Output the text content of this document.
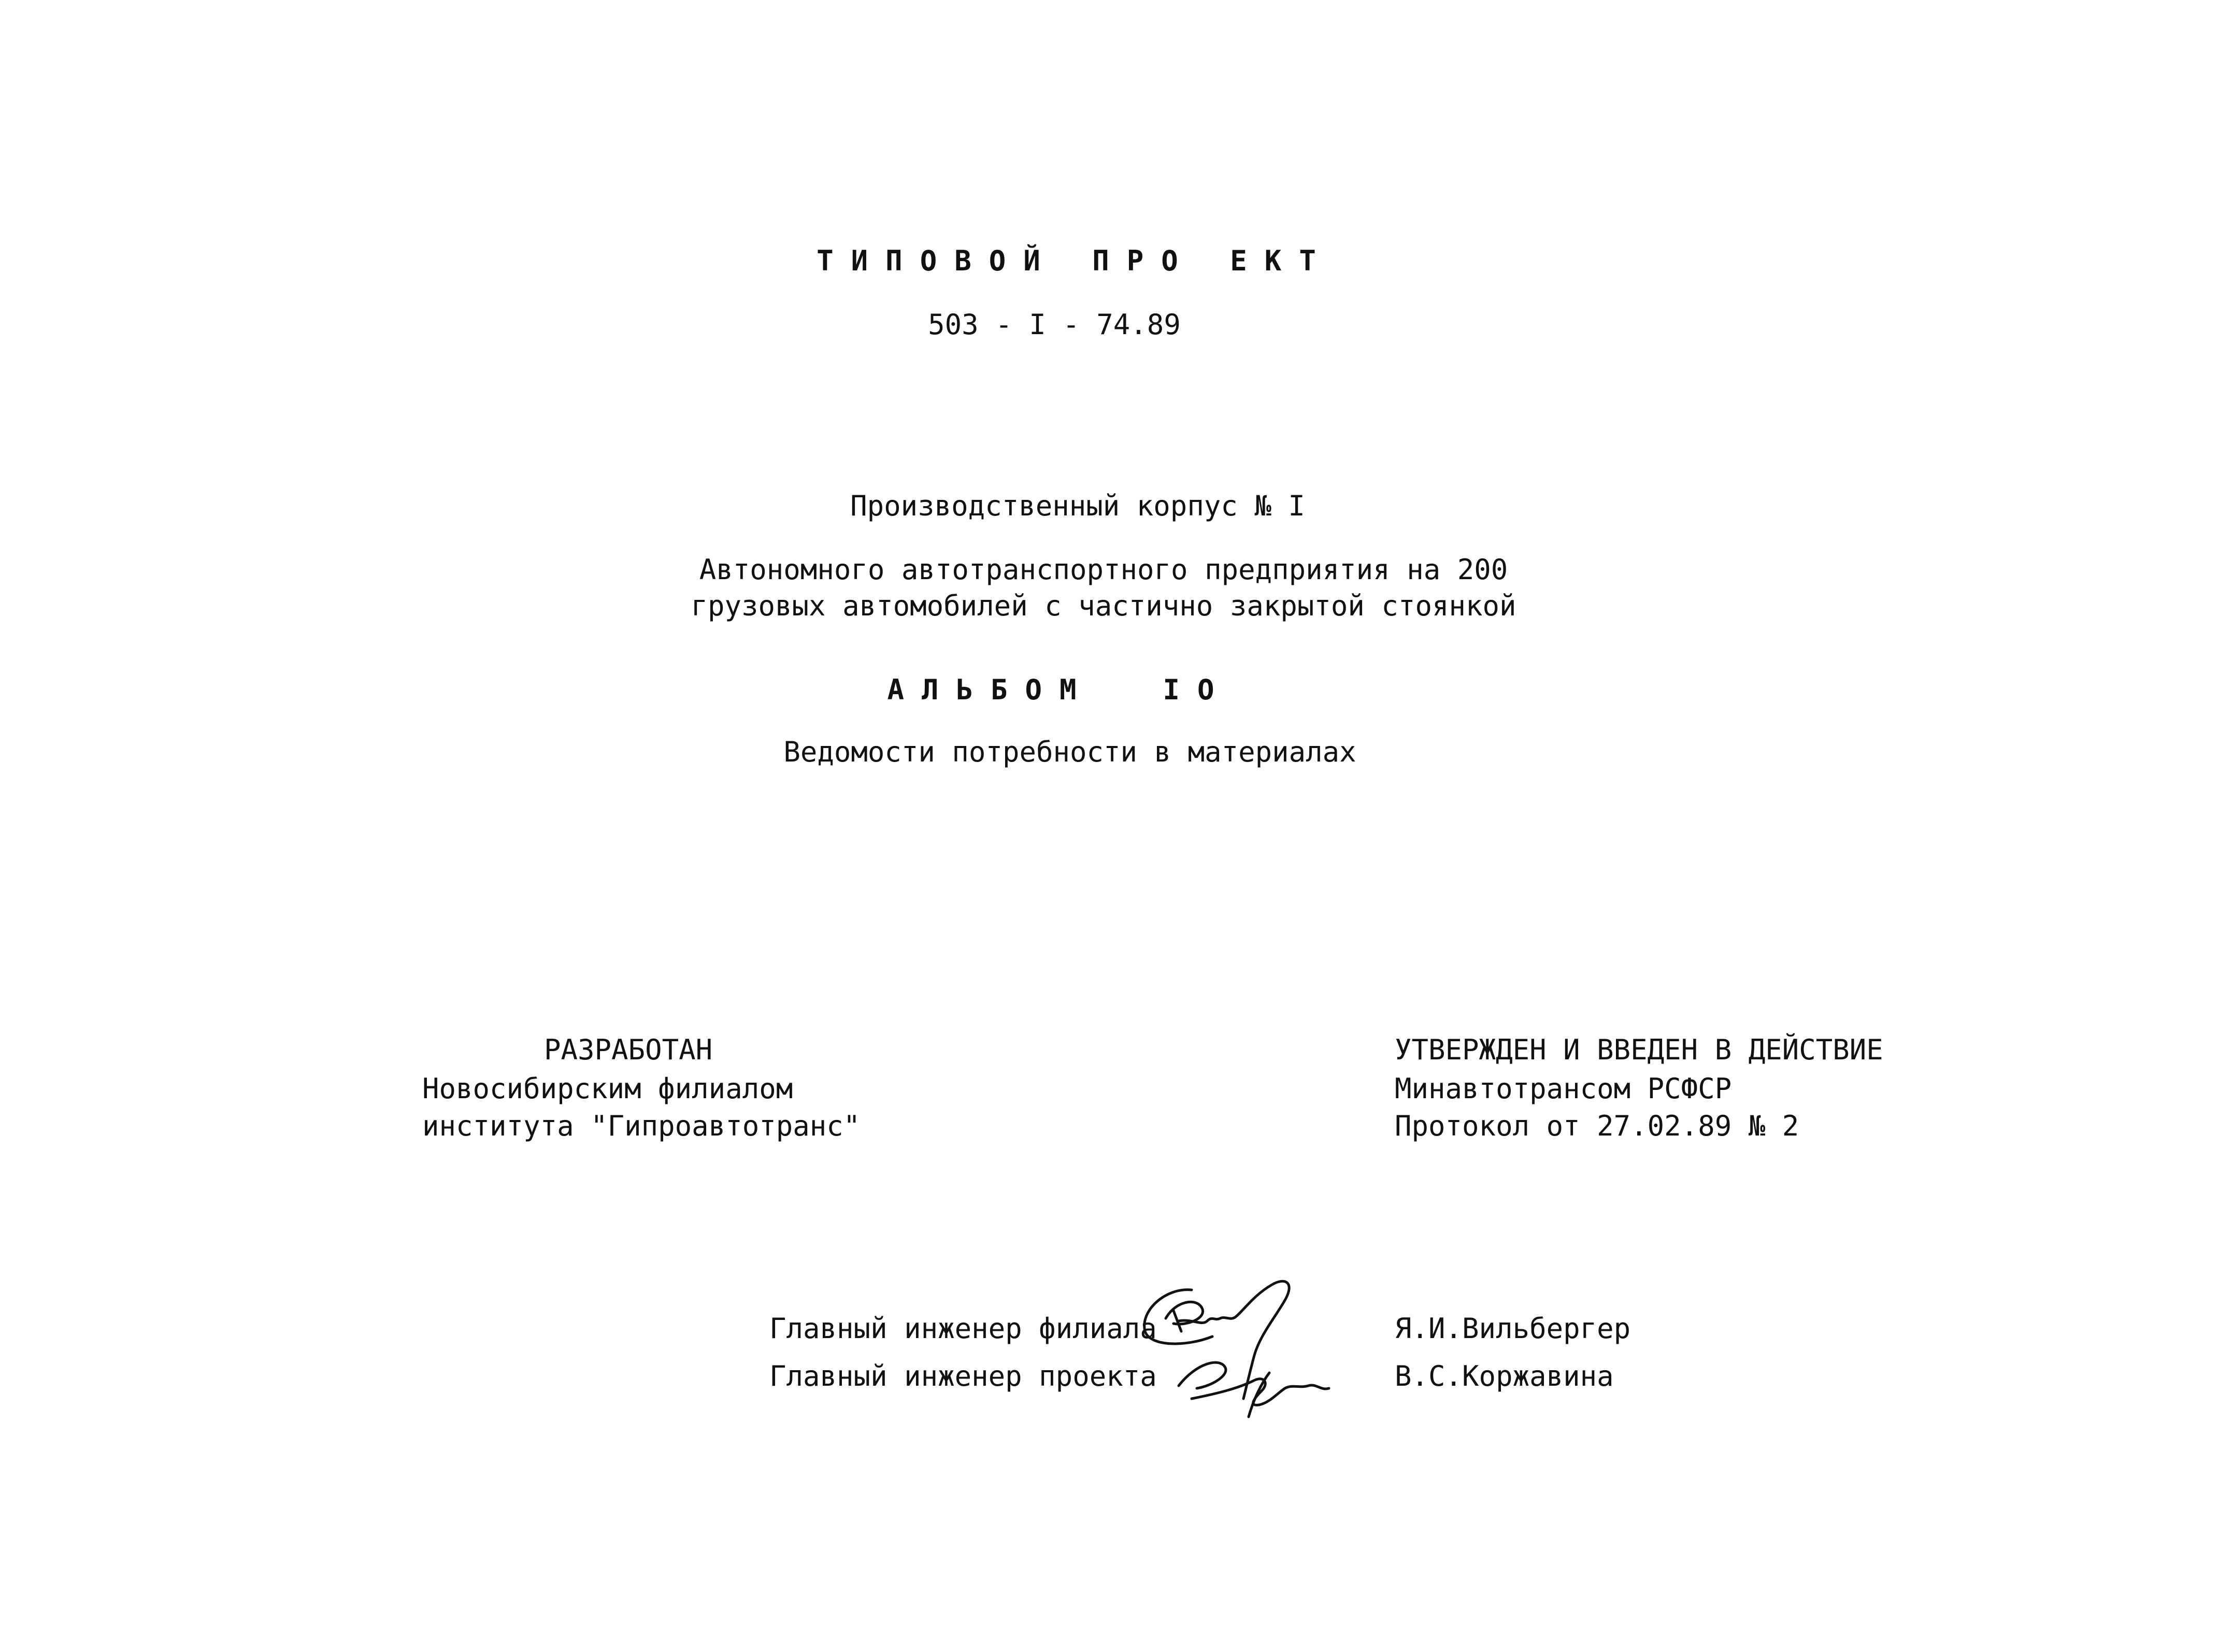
ТИПОВОЙ ПРО ЕКТ
503 - I - 74.89
Производственный корпус № I
Автономного автотранспортного предприятия на 200
грузовых автомобилей с частично закрытой стоянкой
АЛЬБОМ  IO
Ведомости потребности в материалах
РАЗРАБОТАН
Новосибирским филиалом
института "Гипроавтотранс"
УТВЕРЖДЕН И ВВЕДЕН В ДЕЙСТВИЕ
Минавтотрансом РСФСР
Протокол от 27.02.89 № 2
Главный инженер филиала	Я.И.Вильбергер
Главный инженер проекта	В.С.Коржавина
